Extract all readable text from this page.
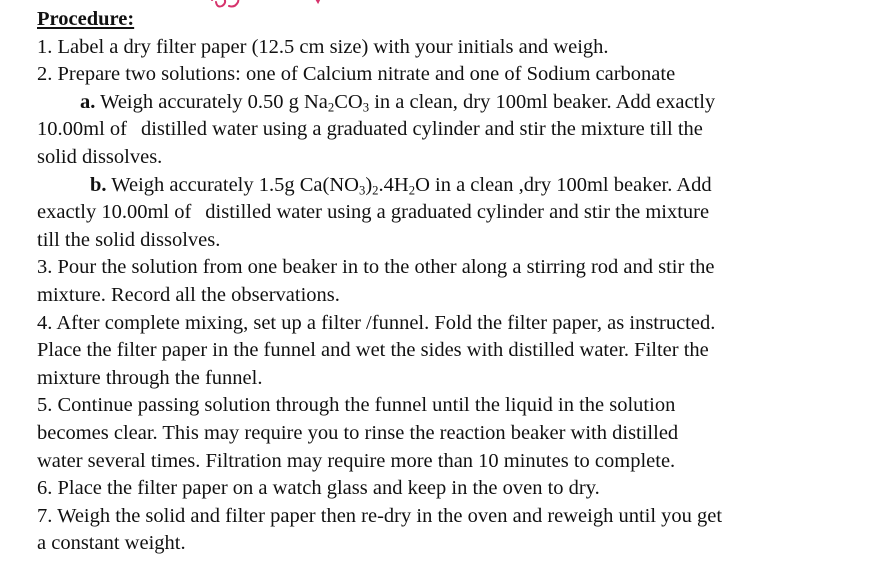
Procedure:
1. Label a dry filter paper (12.5 cm size) with your initials and weigh.
2. Prepare two solutions: one of Calcium nitrate and one of Sodium carbonate
a. Weigh accurately 0.50 g $Na_2CO_3$ in a clean, dry 100ml beaker. Add exactly
10.00ml of distilled water using a graduated cylinder and stir the mixture till the
solid dissolves.
b. Weigh accurately 1.5g $Ca(NO_3)_2.4H_2O$ in a clean ,dry 100ml beaker. Add
exactly 10.00ml of distilled water using a graduated cylinder and stir the mixture
till the solid dissolves.
3. Pour the solution from one beaker in to the other along a stirring rod and stir the
mixture. Record all the observations.
4. After complete mixing, set up a filter /funnel. Fold the filter paper, as instructed.
Place the filter paper in the funnel and wet the sides with distilled water. Filter the
mixture through the funnel.
5. Continue passing solution through the funnel until the liquid in the solution
becomes clear. This may require you to rinse the reaction beaker with distilled
water several times. Filtration may require more than 10 minutes to complete.
6. Place the filter paper on a watch glass and keep in the oven to dry.
7. Weigh the solid and filter paper then re-dry in the oven and reweigh until you get
a constant weight.
